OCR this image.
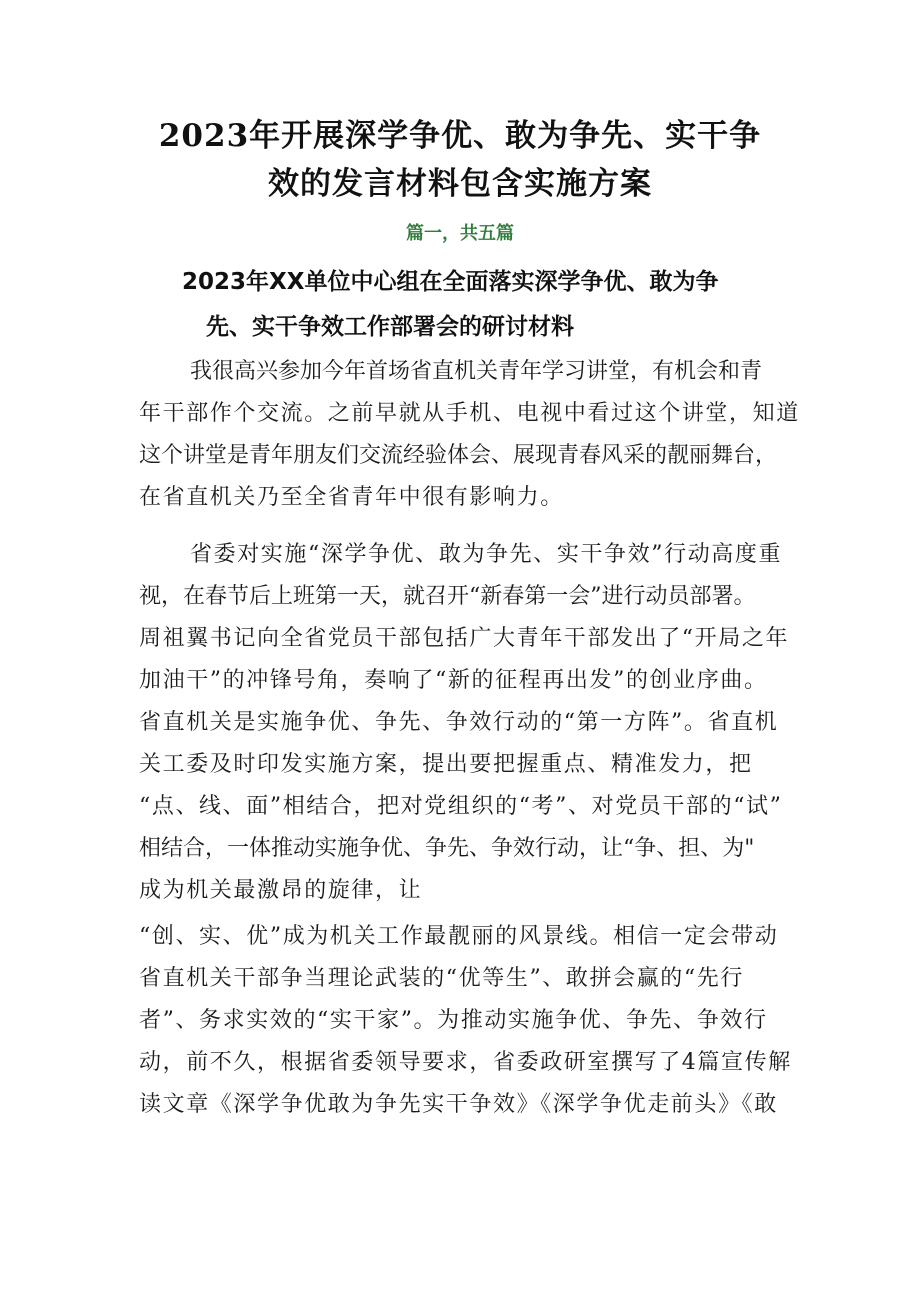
2023年开展深学争优、敢为争先、实干争
效的发言材料包含实施方案

篇一，共五篇

2023年XX单位中心组在全面落实深学争优、敢为争
先、实干争效工作部署会的研讨材料

我很高兴参加今年首场省直机关青年学习讲堂，有机会和青

年干部作个交流。之前早就从手机、电视中看过这个讲堂，知道

这个讲堂是青年朋友们交流经验体会、展现青春风采的靓丽舞台，

在省直机关乃至全省青年中很有影响力。

省委对实施“深学争优、敢为争先、实干争效”行动高度重

视，在春节后上班第一天，就召开“新春第一会”进行动员部署。

周祖翼书记向全省党员干部包括广大青年干部发出了“开局之年

加油干”的冲锋号角，奏响了“新的征程再出发”的创业序曲。

省直机关是实施争优、争先、争效行动的“第一方阵”。省直机

关工委及时印发实施方案，提出要把握重点、精准发力，把

“点、线、面”相结合，把对党组织的“考”、对党员干部的“试”

相结合，一体推动实施争优、争先、争效行动，让“争、担、为"

成为机关最激昂的旋律，让

“创、实、优”成为机关工作最靓丽的风景线。相信一定会带动

省直机关干部争当理论武装的“优等生”、敢拼会赢的“先行

者”、务求实效的“实干家”。为推动实施争优、争先、争效行

动，前不久，根据省委领导要求，省委政研室撰写了4篇宣传解

读文章《深学争优敢为争先实干争效》《深学争优走前头》《敢
